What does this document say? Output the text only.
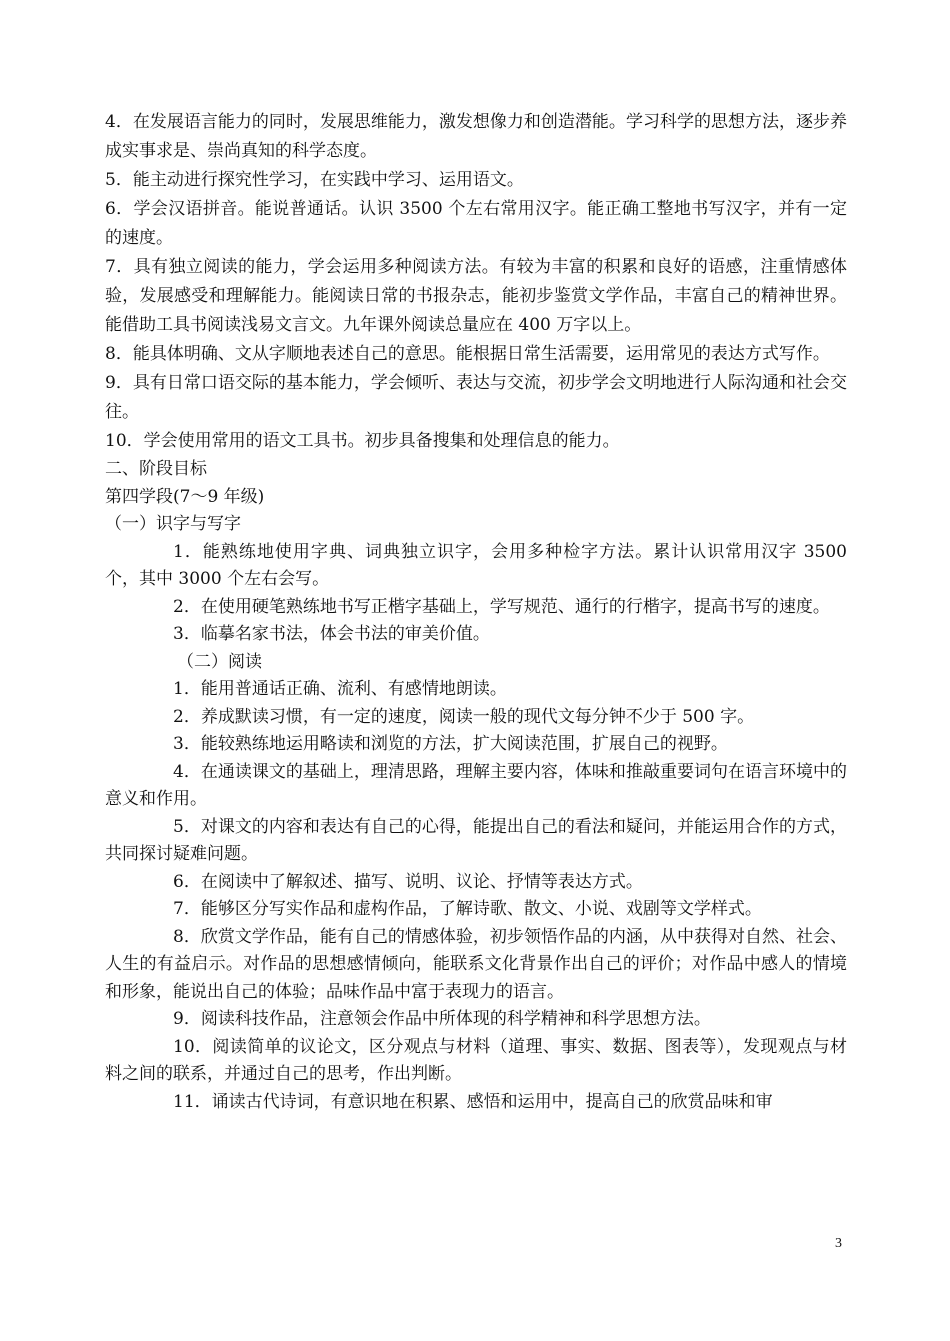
4．在发展语言能力的同时，发展思维能力，激发想像力和创造潜能。学习科学的思想方法，逐步养成实事求是、崇尚真知的科学态度。

5．能主动进行探究性学习，在实践中学习、运用语文。

6．学会汉语拼音。能说普通话。认识 3500 个左右常用汉字。能正确工整地书写汉字，并有一定的速度。

7．具有独立阅读的能力，学会运用多种阅读方法。有较为丰富的积累和良好的语感，注重情感体验，发展感受和理解能力。能阅读日常的书报杂志，能初步鉴赏文学作品，丰富自己的精神世界。能借助工具书阅读浅易文言文。九年课外阅读总量应在 400 万字以上。

8．能具体明确、文从字顺地表述自己的意思。能根据日常生活需要，运用常见的表达方式写作。

9．具有日常口语交际的基本能力，学会倾听、表达与交流，初步学会文明地进行人际沟通和社会交往。

10．学会使用常用的语文工具书。初步具备搜集和处理信息的能力。

二、阶段目标

第四学段(7～9 年级)

（一）识字与写字

1．能熟练地使用字典、词典独立识字，会用多种检字方法。累计认识常用汉字 3500 个，其中 3000 个左右会写。

2．在使用硬笔熟练地书写正楷字基础上，学写规范、通行的行楷字，提高书写的速度。

3．临摹名家书法，体会书法的审美价值。

（二）阅读

1．能用普通话正确、流利、有感情地朗读。

2．养成默读习惯，有一定的速度，阅读一般的现代文每分钟不少于 500 字。

3．能较熟练地运用略读和浏览的方法，扩大阅读范围，扩展自己的视野。

4．在通读课文的基础上，理清思路，理解主要内容，体味和推敲重要词句在语言环境中的意义和作用。

5．对课文的内容和表达有自己的心得，能提出自己的看法和疑问，并能运用合作的方式，共同探讨疑难问题。

6．在阅读中了解叙述、描写、说明、议论、抒情等表达方式。

7．能够区分写实作品和虚构作品，了解诗歌、散文、小说、戏剧等文学样式。

8．欣赏文学作品，能有自己的情感体验，初步领悟作品的内涵，从中获得对自然、社会、人生的有益启示。对作品的思想感情倾向，能联系文化背景作出自己的评价；对作品中感人的情境和形象，能说出自己的体验；品味作品中富于表现力的语言。

9．阅读科技作品，注意领会作品中所体现的科学精神和科学思想方法。

10．阅读简单的议论文，区分观点与材料（道理、事实、数据、图表等），发现观点与材料之间的联系，并通过自己的思考，作出判断。

11．诵读古代诗词，有意识地在积累、感悟和运用中，提高自己的欣赏品味和审

3
